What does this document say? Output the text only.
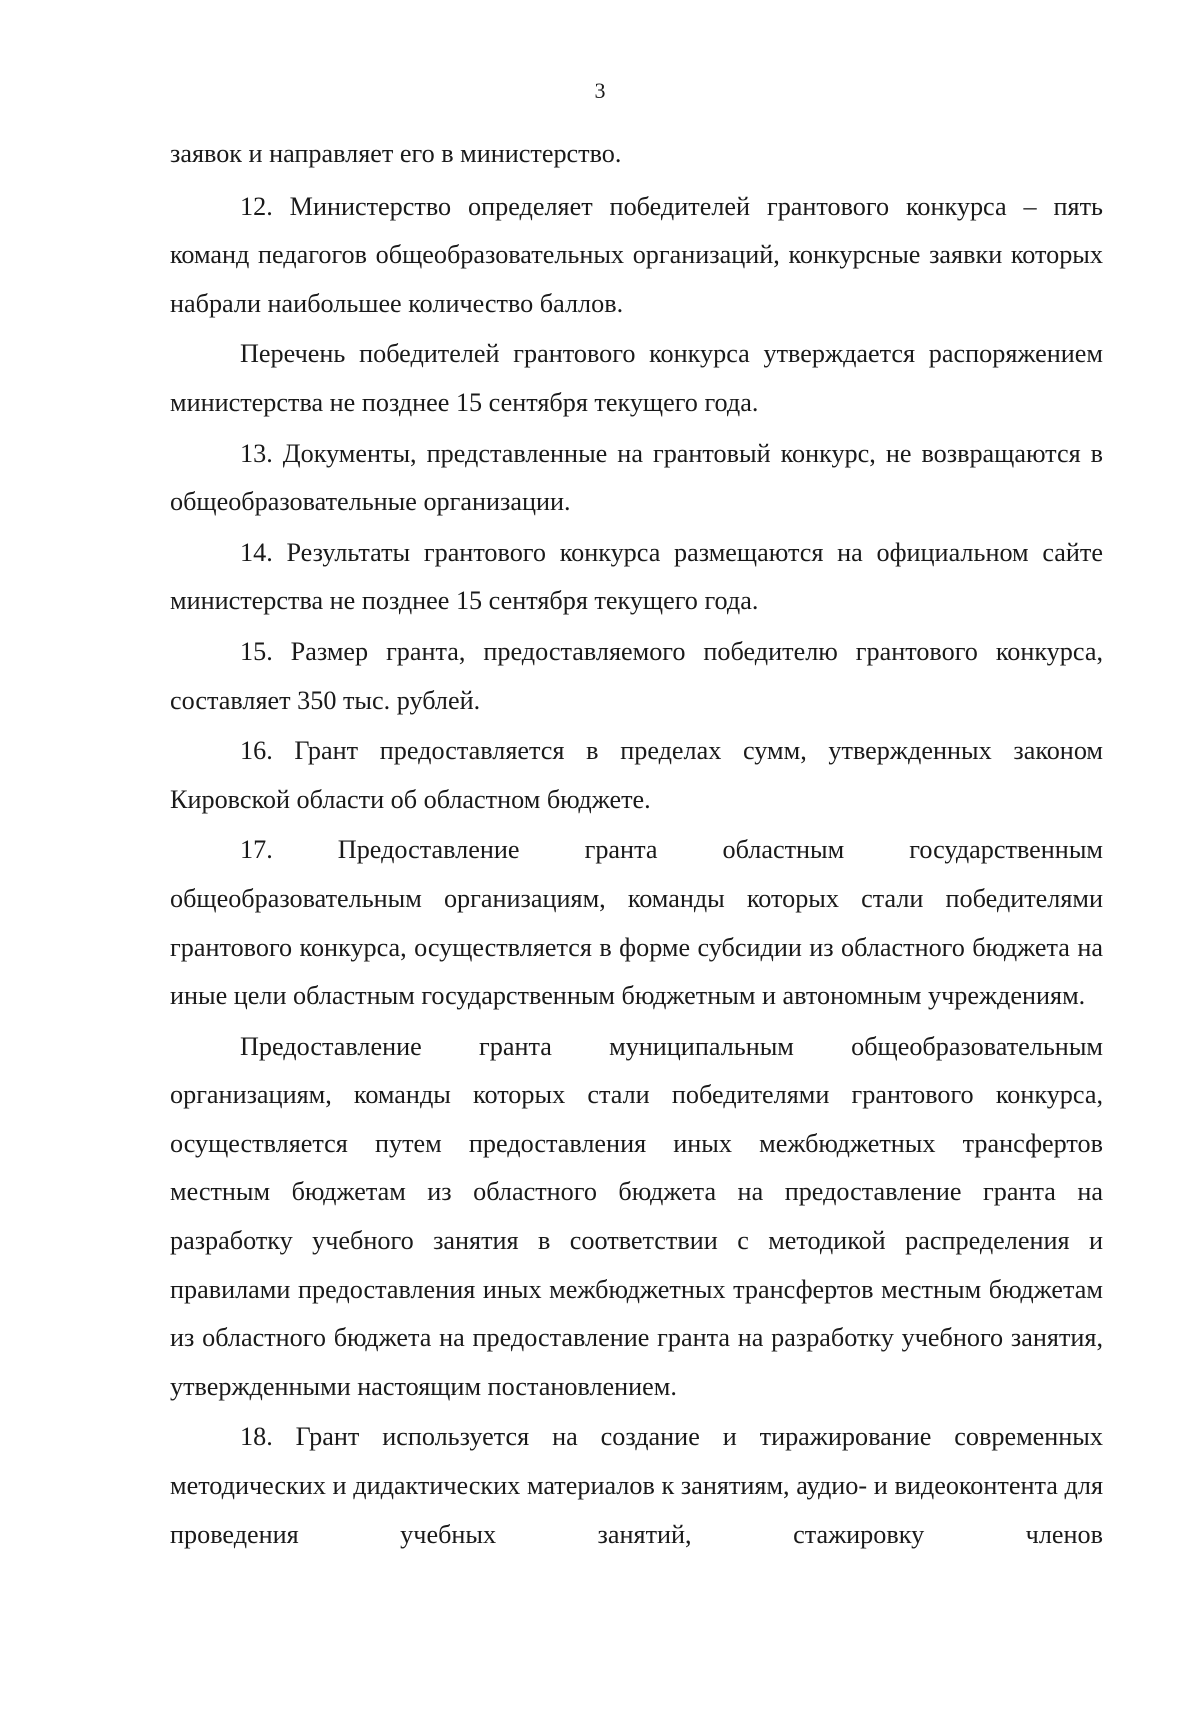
3

заявок и направляет его в министерство.

12. Министерство определяет победителей грантового конкурса – пять команд педагогов общеобразовательных организаций, конкурсные заявки которых набрали наибольшее количество баллов.

Перечень победителей грантового конкурса утверждается распоряжением министерства не позднее 15 сентября текущего года.

13. Документы, представленные на грантовый конкурс, не возвращаются в общеобразовательные организации.

14. Результаты грантового конкурса размещаются на официальном сайте министерства не позднее 15 сентября текущего года.

15. Размер гранта, предоставляемого победителю грантового конкурса, составляет 350 тыс. рублей.

16. Грант предоставляется в пределах сумм, утвержденных законом Кировской области об областном бюджете.

17. Предоставление гранта областным государственным общеобразовательным организациям, команды которых стали победителями грантового конкурса, осуществляется в форме субсидии из областного бюджета на иные цели областным государственным бюджетным и автономным учреждениям.

Предоставление гранта муниципальным общеобразовательным организациям, команды которых стали победителями грантового конкурса, осуществляется путем предоставления иных межбюджетных трансфертов местным бюджетам из областного бюджета на предоставление гранта на разработку учебного занятия в соответствии с методикой распределения и правилами предоставления иных межбюджетных трансфертов местным бюджетам из областного бюджета на предоставление гранта на разработку учебного занятия, утвержденными настоящим постановлением.

18. Грант используется на создание и тиражирование современных методических и дидактических материалов к занятиям, аудио- и видеоконтента для проведения учебных занятий, стажировку членов
